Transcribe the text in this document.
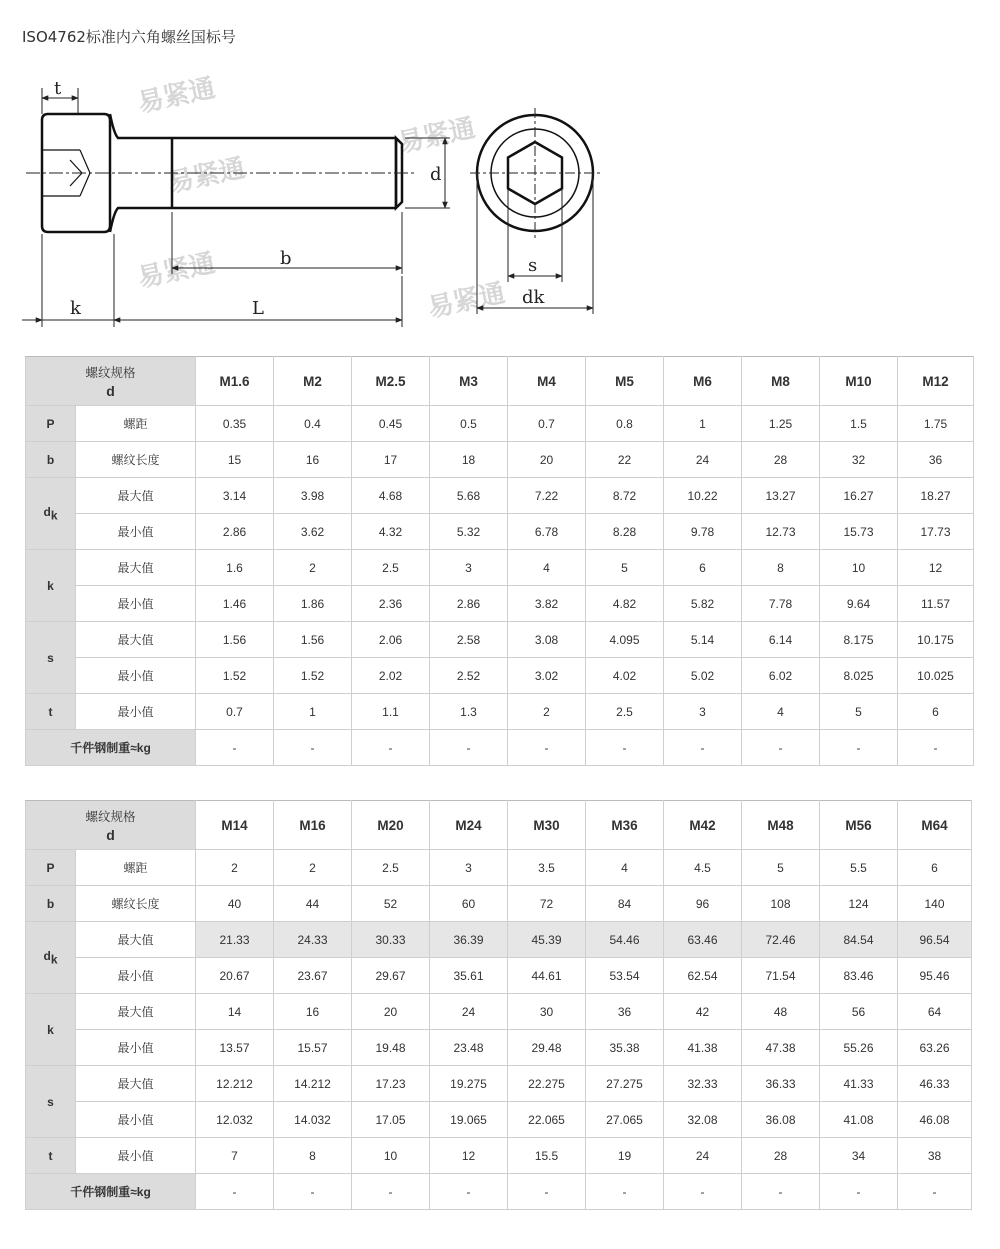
ISO4762标准内六角螺丝国标号
易紧通
易紧通
易紧通
易紧通
易紧通
t
d
b
k	L
s
dk
螺纹规格
d		M1.6	M2	M2.5	M3	M4	M5	M6	M8	M10	M12
P	螺距	0.35	0.4	0.45	0.5	0.7	0.8	1	1.25	1.5	1.75
b	螺纹长度	15	16	17	18	20	22	24	28	32	36
$d_k$	最大值	3.14	3.98	4.68	5.68	7.22	8.72	10.22	13.27	16.27	18.27
	最小值	2.86	3.62	4.32	5.32	6.78	8.28	9.78	12.73	15.73	17.73
k	最大值	1.6	2	2.5	3	4	5	6	8	10	12
	最小值	1.46	1.86	2.36	2.86	3.82	4.82	5.82	7.78	9.64	11.57
s	最大值	1.56	1.56	2.06	2.58	3.08	4.095	5.14	6.14	8.175	10.175
	最小值	1.52	1.52	2.02	2.52	3.02	4.02	5.02	6.02	8.025	10.025
t	最小值	0.7	1	1.1	1.3	2	2.5	3	4	5	6
千件钢制重≈kg		-	-	-	-	-	-	-	-	-	-
螺纹规格
d		M14	M16	M20	M24	M30	M36	M42	M48	M56	M64
P	螺距	2	2	2.5	3	3.5	4	4.5	5	5.5	6
b	螺纹长度	40	44	52	60	72	84	96	108	124	140
$d_k$	最大值	21.33	24.33	30.33	36.39	45.39	54.46	63.46	72.46	84.54	96.54
	最小值	20.67	23.67	29.67	35.61	44.61	53.54	62.54	71.54	83.46	95.46
k	最大值	14	16	20	24	30	36	42	48	56	64
	最小值	13.57	15.57	19.48	23.48	29.48	35.38	41.38	47.38	55.26	63.26
s	最大值	12.212	14.212	17.23	19.275	22.275	27.275	32.33	36.33	41.33	46.33
	最小值	12.032	14.032	17.05	19.065	22.065	27.065	32.08	36.08	41.08	46.08
t	最小值	7	8	10	12	15.5	19	24	28	34	38
千件钢制重≈kg		-	-	-	-	-	-	-	-	-	-
